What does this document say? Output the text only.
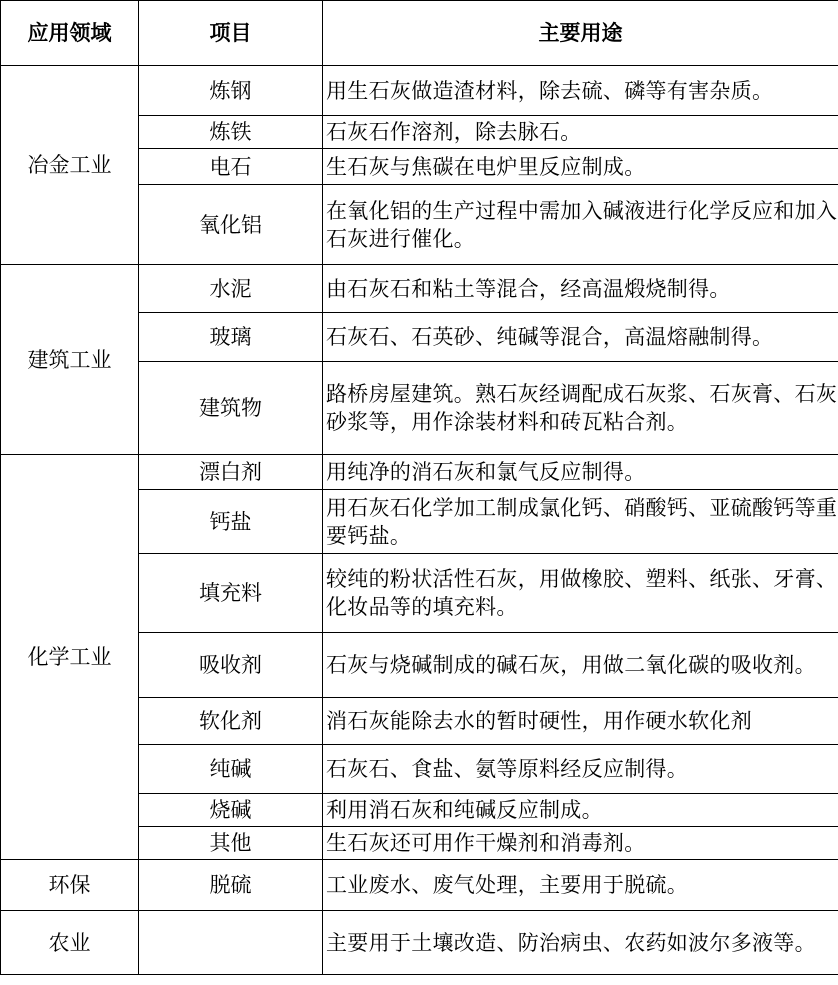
应用领域	项目	主要用途
冶金工业	炼钢	用生石灰做造渣材料，除去硫、磷等有害杂质。
	炼铁	石灰石作溶剂，除去脉石。
	电石	生石灰与焦碳在电炉里反应制成。
	氧化铝	在氧化铝的生产过程中需加入碱液进行化学反应和加入石灰进行催化。
建筑工业	水泥	由石灰石和粘土等混合，经高温煅烧制得。
	玻璃	石灰石、石英砂、纯碱等混合，高温熔融制得。
	建筑物	路桥房屋建筑。熟石灰经调配成石灰浆、石灰膏、石灰砂浆等，用作涂装材料和砖瓦粘合剂。
化学工业	漂白剂	用纯净的消石灰和氯气反应制得。
	钙盐	用石灰石化学加工制成氯化钙、硝酸钙、亚硫酸钙等重要钙盐。
	填充料	较纯的粉状活性石灰，用做橡胶、塑料、纸张、牙膏、化妆品等的填充料。
	吸收剂	石灰与烧碱制成的碱石灰，用做二氧化碳的吸收剂。
	软化剂	消石灰能除去水的暂时硬性，用作硬水软化剂
	纯碱	石灰石、食盐、氨等原料经反应制得。
	烧碱	利用消石灰和纯碱反应制成。
	其他	生石灰还可用作干燥剂和消毒剂。
环保	脱硫	工业废水、废气处理，主要用于脱硫。
农业		主要用于土壤改造、防治病虫、农药如波尔多液等。
